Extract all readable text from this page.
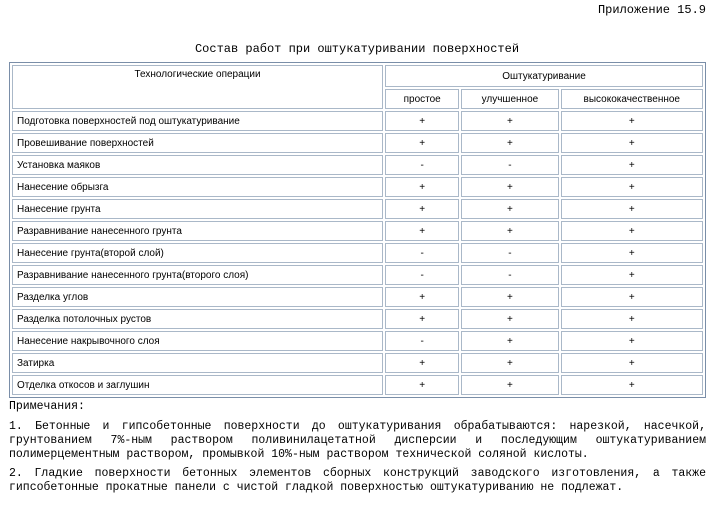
Приложение 15.9
Состав работ при оштукатуривании поверхностей
Технологические операции	Оштукатуривание		
	простое	улучшенное	высококачественное
Подготовка поверхностей под оштукатуривание	+	+	+
Провешивание поверхностей	+	+	+
Установка маяков	-	-	+
Нанесение обрызга	+	+	+
Нанесение грунта	+	+	+
Разравнивание нанесенного грунта	+	+	+
Нанесение грунта(второй слой)	-	-	+
Разравнивание нанесенного грунта(второго слоя)	-	-	+
Разделка углов	+	+	+
Разделка потолочных рустов	+	+	+
Нанесение накрывочного слоя	-	+	+
Затирка	+	+	+
Отделка откосов и заглушин	+	+	+

Примечания:

1. Бетонные и гипсобетонные поверхности до оштукатуривания обрабатываются: нарезкой, насечкой, грунтованием 7%-ным раствором поливинилацетатной дисперсии и последующим оштукатуриванием полимерцементным раствором, промывкой 10%-ным раствором технической соляной кислоты.

2. Гладкие поверхности бетонных элементов сборных конструкций заводского изготовления, а также гипсобетонные прокатные панели с чистой гладкой поверхностью оштукатуриванию не подлежат.
